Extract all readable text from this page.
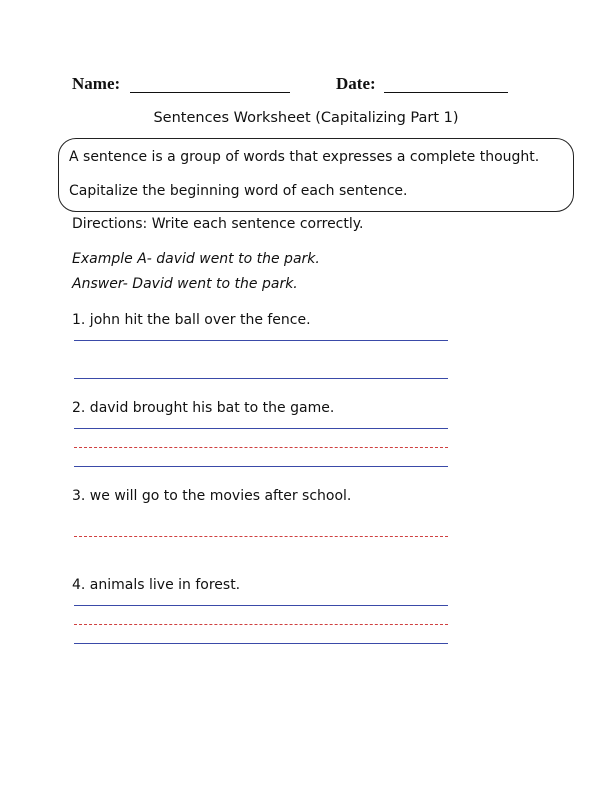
Name:	Date:
Sentences Worksheet (Capitalizing Part 1)
A sentence is a group of words that expresses a complete thought.
Capitalize the beginning word of each sentence.
Directions: Write each sentence correctly.
Example A- david went to the park.
Answer- David went to the park.
1. john hit the ball over the fence.
2. david brought his bat to the game.
3. we will go to the movies after school.
4. animals live in forest.
